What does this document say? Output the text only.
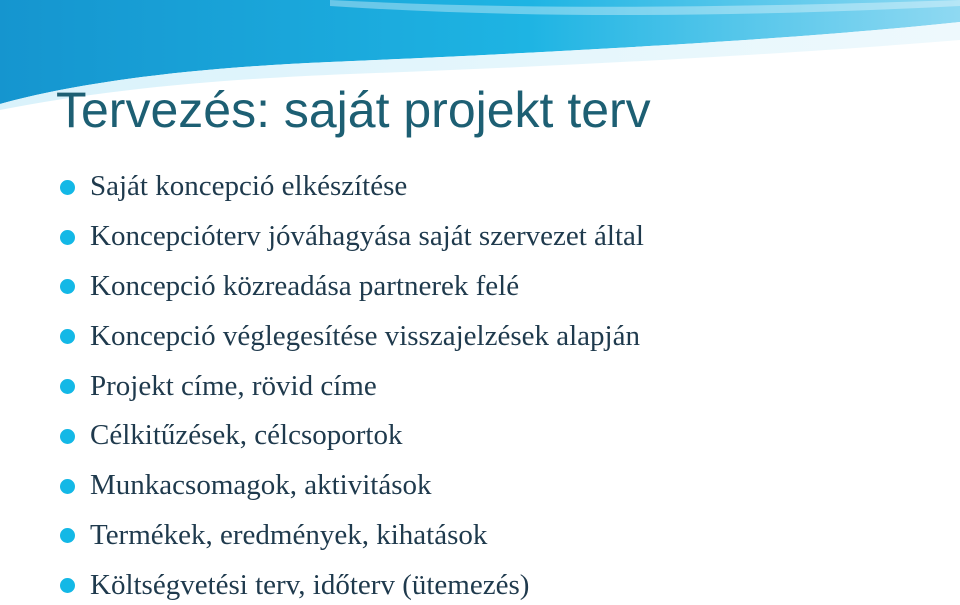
Tervezés: saját projekt terv
Saját koncepció elkészítése
Koncepcióterv jóváhagyása saját szervezet által
Koncepció közreadása partnerek felé
Koncepció véglegesítése visszajelzések alapján
Projekt címe, rövid címe
Célkitűzések, célcsoportok
Munkacsomagok, aktivitások
Termékek, eredmények, kihatások
Költségvetési terv, időterv (ütemezés)
